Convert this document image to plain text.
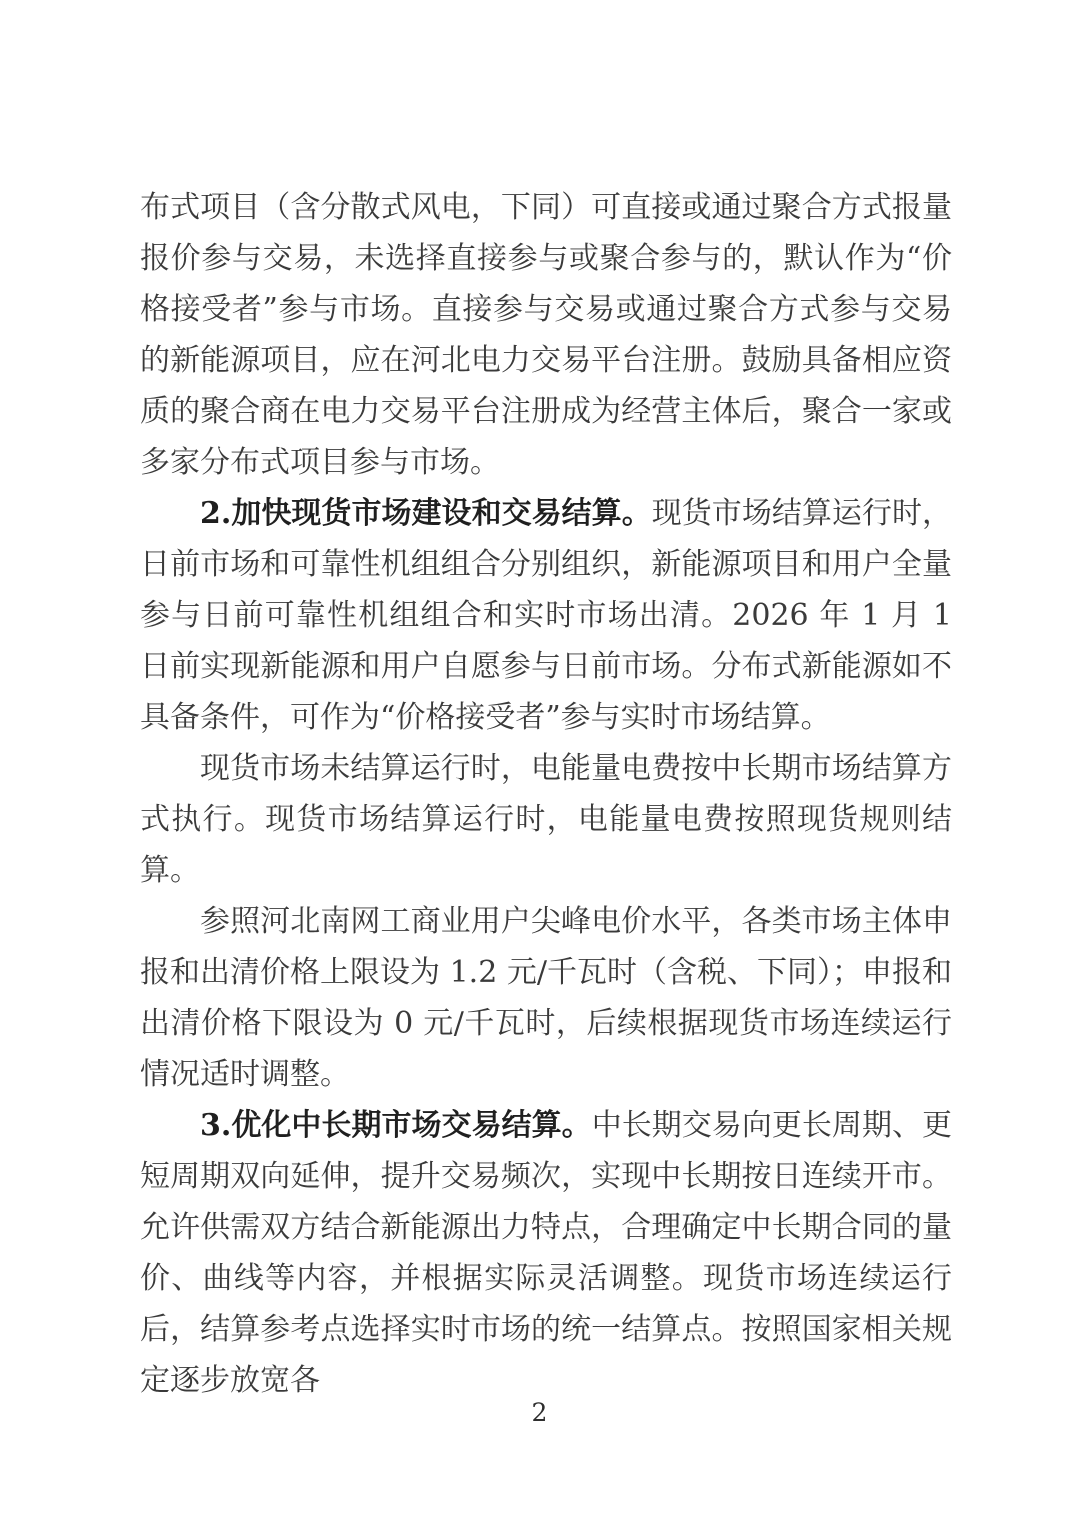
布式项目（含分散式风电，下同）可直接或通过聚合方式报量报价参与交易，未选择直接参与或聚合参与的，默认作为“价格接受者”参与市场。直接参与交易或通过聚合方式参与交易的新能源项目，应在河北电力交易平台注册。鼓励具备相应资质的聚合商在电力交易平台注册成为经营主体后，聚合一家或多家分布式项目参与市场。

2.加快现货市场建设和交易结算。现货市场结算运行时，日前市场和可靠性机组组合分别组织，新能源项目和用户全量参与日前可靠性机组组合和实时市场出清。2026 年 1 月 1 日前实现新能源和用户自愿参与日前市场。分布式新能源如不具备条件，可作为“价格接受者”参与实时市场结算。

现货市场未结算运行时，电能量电费按中长期市场结算方式执行。现货市场结算运行时，电能量电费按照现货规则结算。

参照河北南网工商业用户尖峰电价水平，各类市场主体申报和出清价格上限设为 1.2 元/千瓦时（含税、下同）；申报和出清价格下限设为 0 元/千瓦时，后续根据现货市场连续运行情况适时调整。

3.优化中长期市场交易结算。中长期交易向更长周期、更短周期双向延伸，提升交易频次，实现中长期按日连续开市。允许供需双方结合新能源出力特点，合理确定中长期合同的量价、曲线等内容，并根据实际灵活调整。现货市场连续运行后，结算参考点选择实时市场的统一结算点。按照国家相关规定逐步放宽各

2
